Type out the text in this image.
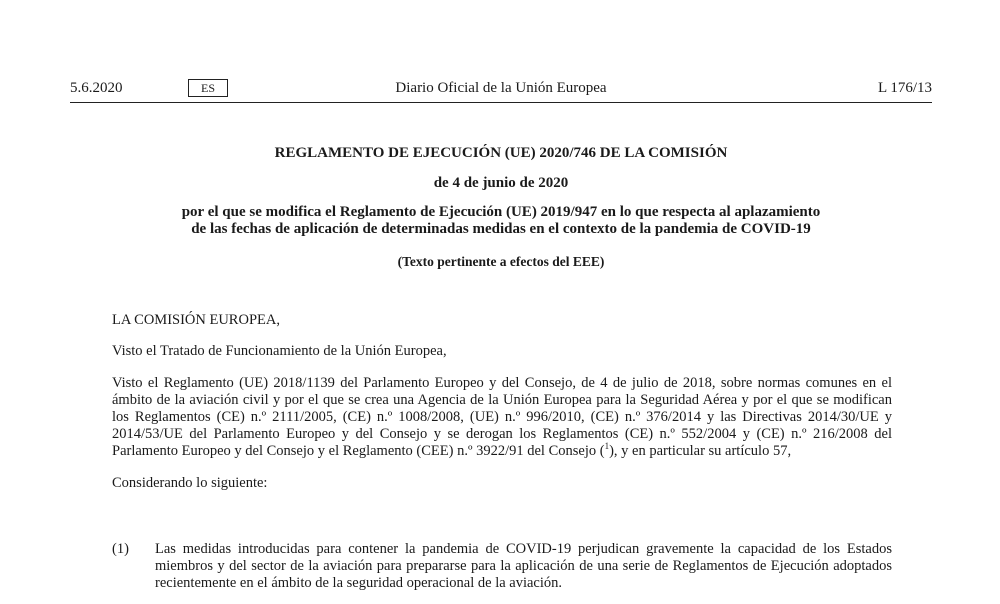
5.6.2020	ES	Diario Oficial de la Unión Europea	L 176/13
REGLAMENTO DE EJECUCIÓN (UE) 2020/746 DE LA COMISIÓN
de 4 de junio de 2020
por el que se modifica el Reglamento de Ejecución (UE) 2019/947 en lo que respecta al aplazamiento
de las fechas de aplicación de determinadas medidas en el contexto de la pandemia de COVID-19
(Texto pertinente a efectos del EEE)

LA COMISIÓN EUROPEA,

Visto el Tratado de Funcionamiento de la Unión Europea,

Visto el Reglamento (UE) 2018/1139 del Parlamento Europeo y del Consejo, de 4 de julio de 2018, sobre normas comunes en el ámbito de la aviación civil y por el que se crea una Agencia de la Unión Europea para la Seguridad Aérea y por el que se modifican los Reglamentos (CE) n.º 2111/2005, (CE) n.º 1008/2008, (UE) n.º 996/2010, (CE) n.º 376/2014 y las Directivas 2014/30/UE y 2014/53/UE del Parlamento Europeo y del Consejo y se derogan los Reglamentos (CE) n.º 552/2004 y (CE) n.º 216/2008 del Parlamento Europeo y del Consejo y el Reglamento (CEE) n.º 3922/91 del Consejo ($^1$), y en particular su artículo 57,

Considerando lo siguiente:

(1) Las medidas introducidas para contener la pandemia de COVID-19 perjudican gravemente la capacidad de los Estados miembros y del sector de la aviación para prepararse para la aplicación de una serie de Reglamentos de Ejecución adoptados recientemente en el ámbito de la seguridad operacional de la aviación.
